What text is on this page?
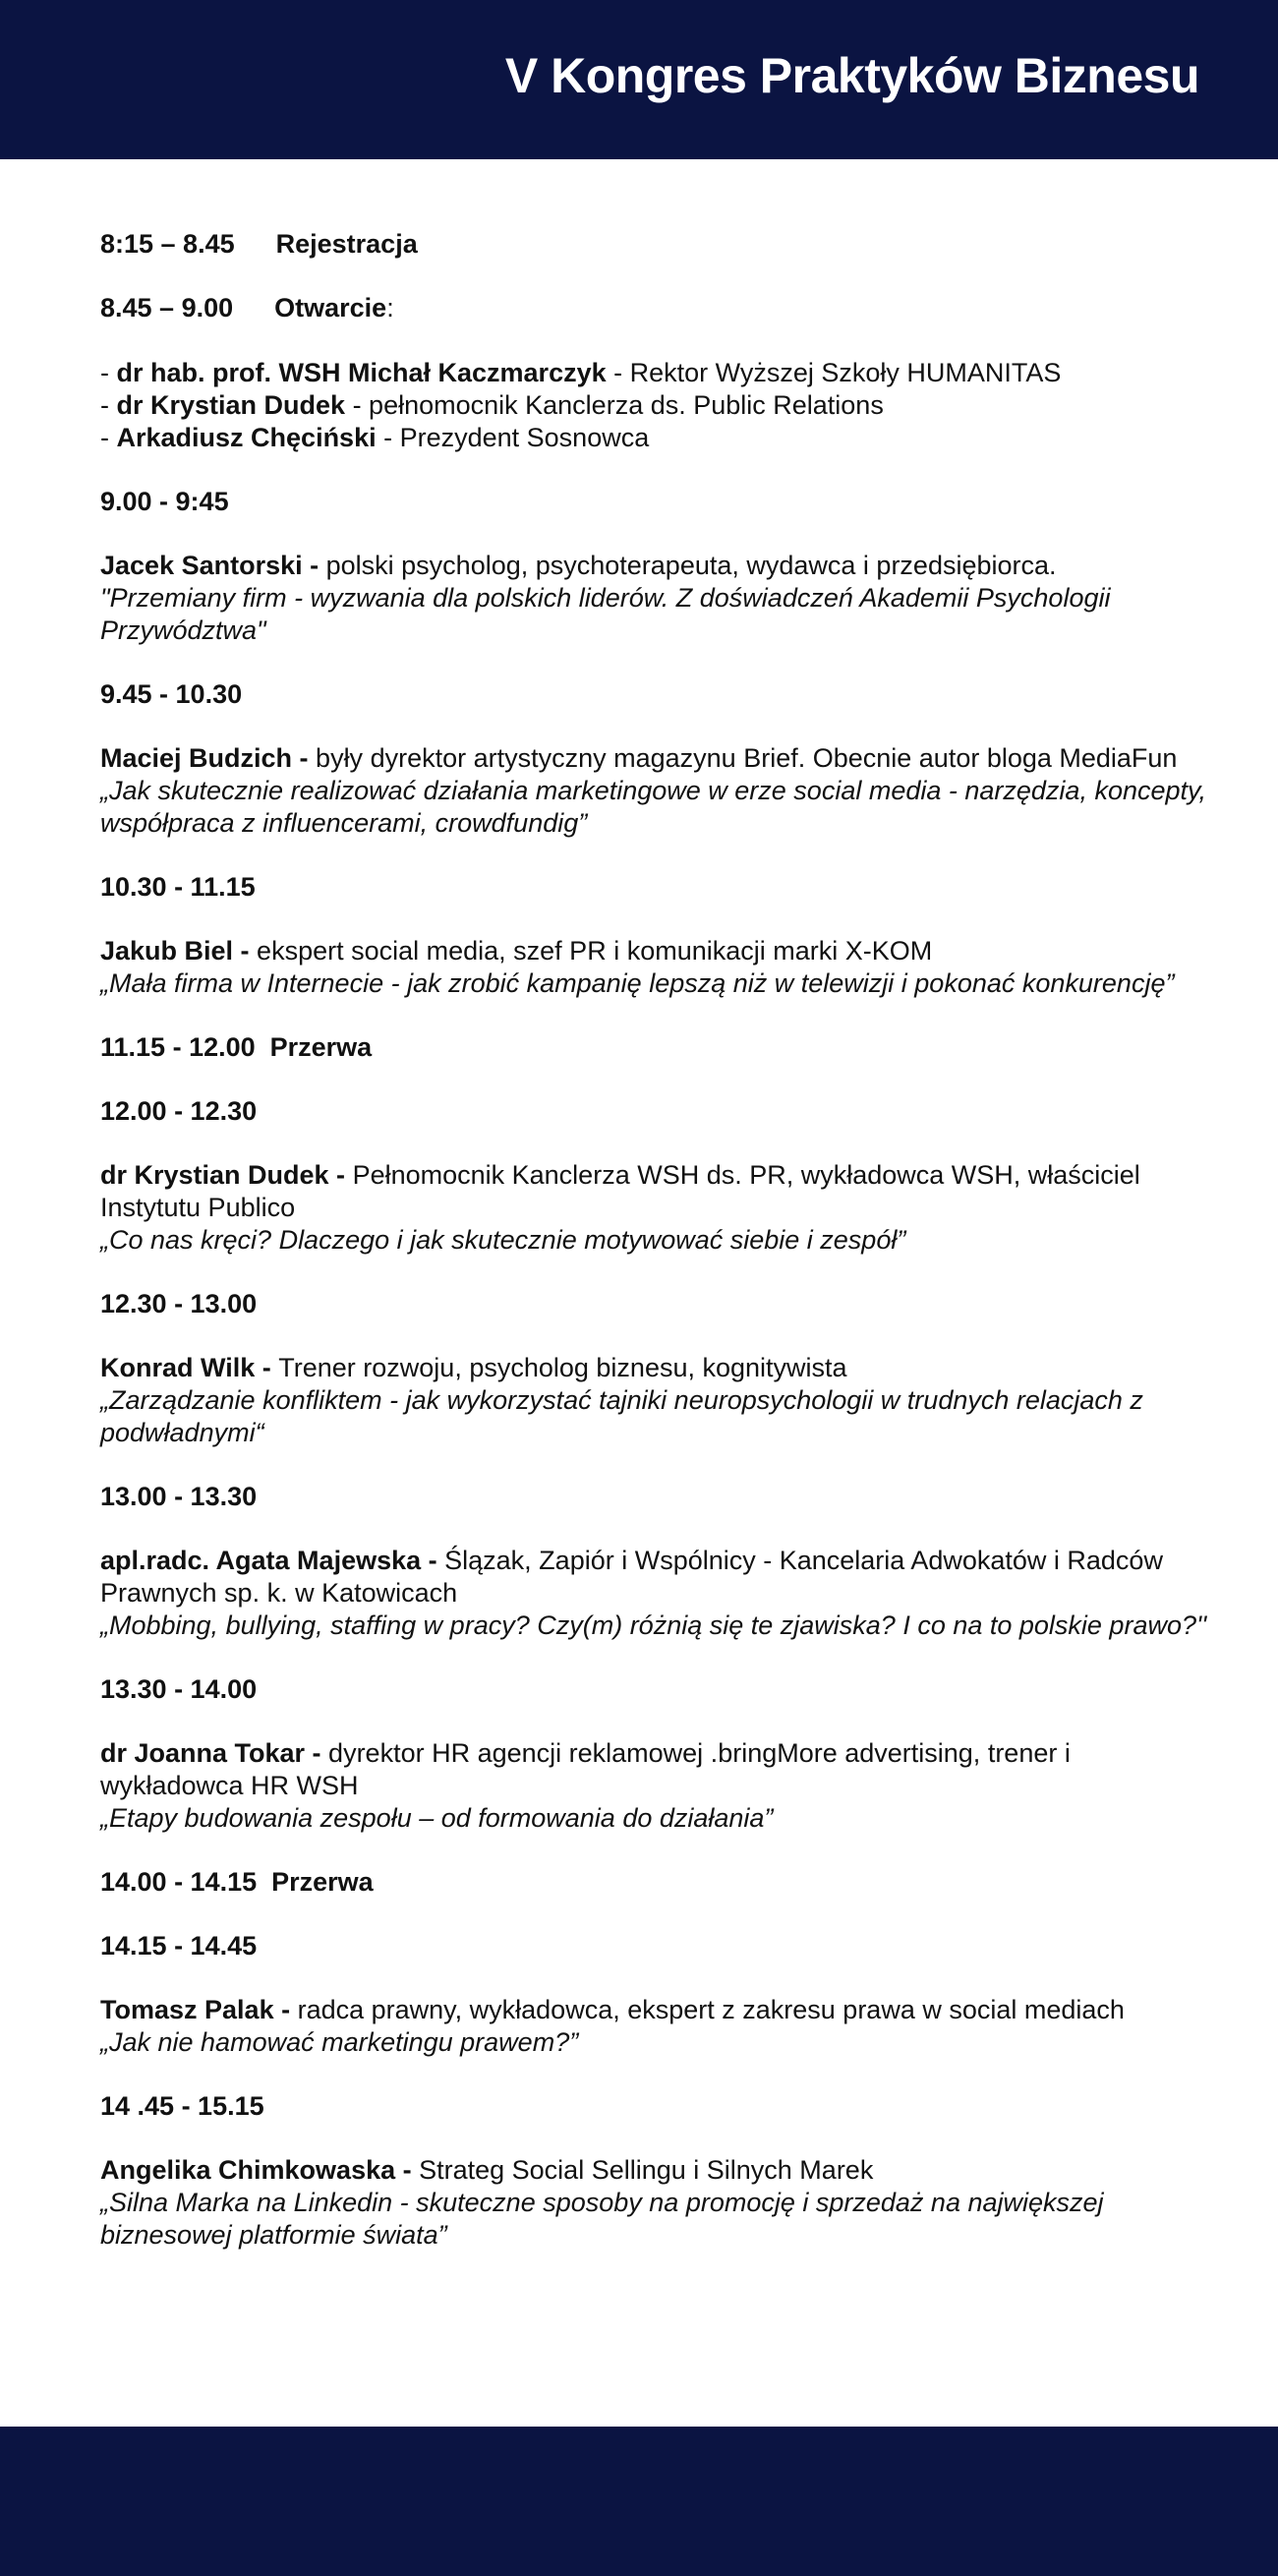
V Kongres Praktyków Biznesu

8:15 – 8.45 Rejestracja

8.45 – 9.00 Otwarcie:

- dr hab. prof. WSH Michał Kaczmarczyk - Rektor Wyższej Szkoły HUMANITAS

- dr Krystian Dudek - pełnomocnik Kanclerza ds. Public Relations

- Arkadiusz Chęciński - Prezydent Sosnowca

9.00 - 9:45

Jacek Santorski - polski psycholog, psychoterapeuta, wydawca i przedsiębiorca.

"Przemiany firm - wyzwania dla polskich liderów. Z doświadczeń Akademii Psychologii Przywództwa"

9.45 - 10.30

Maciej Budzich - były dyrektor artystyczny magazynu Brief. Obecnie autor bloga MediaFun

„Jak skutecznie realizować działania marketingowe w erze social media - narzędzia, koncepty, współpraca z influencerami, crowdfundig”

10.30 - 11.15

Jakub Biel - ekspert social media, szef PR i komunikacji marki X-KOM

„Mała firma w Internecie - jak zrobić kampanię lepszą niż w telewizji i pokonać konkurencję”

11.15 - 12.00  Przerwa

12.00 - 12.30

dr Krystian Dudek - Pełnomocnik Kanclerza WSH ds. PR, wykładowca WSH, właściciel Instytutu Publico

„Co nas kręci? Dlaczego i jak skutecznie motywować siebie i zespół”

12.30 - 13.00

Konrad Wilk - Trener rozwoju, psycholog biznesu, kognitywista

„Zarządzanie konfliktem - jak wykorzystać tajniki neuropsychologii w trudnych relacjach z podwładnymi“

13.00 - 13.30

apl.radc. Agata Majewska - Ślązak, Zapiór i Wspólnicy - Kancelaria Adwokatów i Radców Prawnych sp. k. w Katowicach

„Mobbing, bullying, staffing w pracy? Czy(m) różnią się te zjawiska? I co na to polskie prawo?''

13.30 - 14.00

dr Joanna Tokar - dyrektor HR agencji reklamowej .bringMore advertising, trener i wykładowca HR WSH

„Etapy budowania zespołu – od formowania do działania”

14.00 - 14.15  Przerwa

14.15 - 14.45

Tomasz Palak - radca prawny, wykładowca, ekspert z zakresu prawa w social mediach

„Jak nie hamować marketingu prawem?”

14 .45 - 15.15

Angelika Chimkowaska - Strateg Social Sellingu i Silnych Marek

„Silna Marka na Linkedin - skuteczne sposoby na promocję i sprzedaż na największej biznesowej platformie świata”
